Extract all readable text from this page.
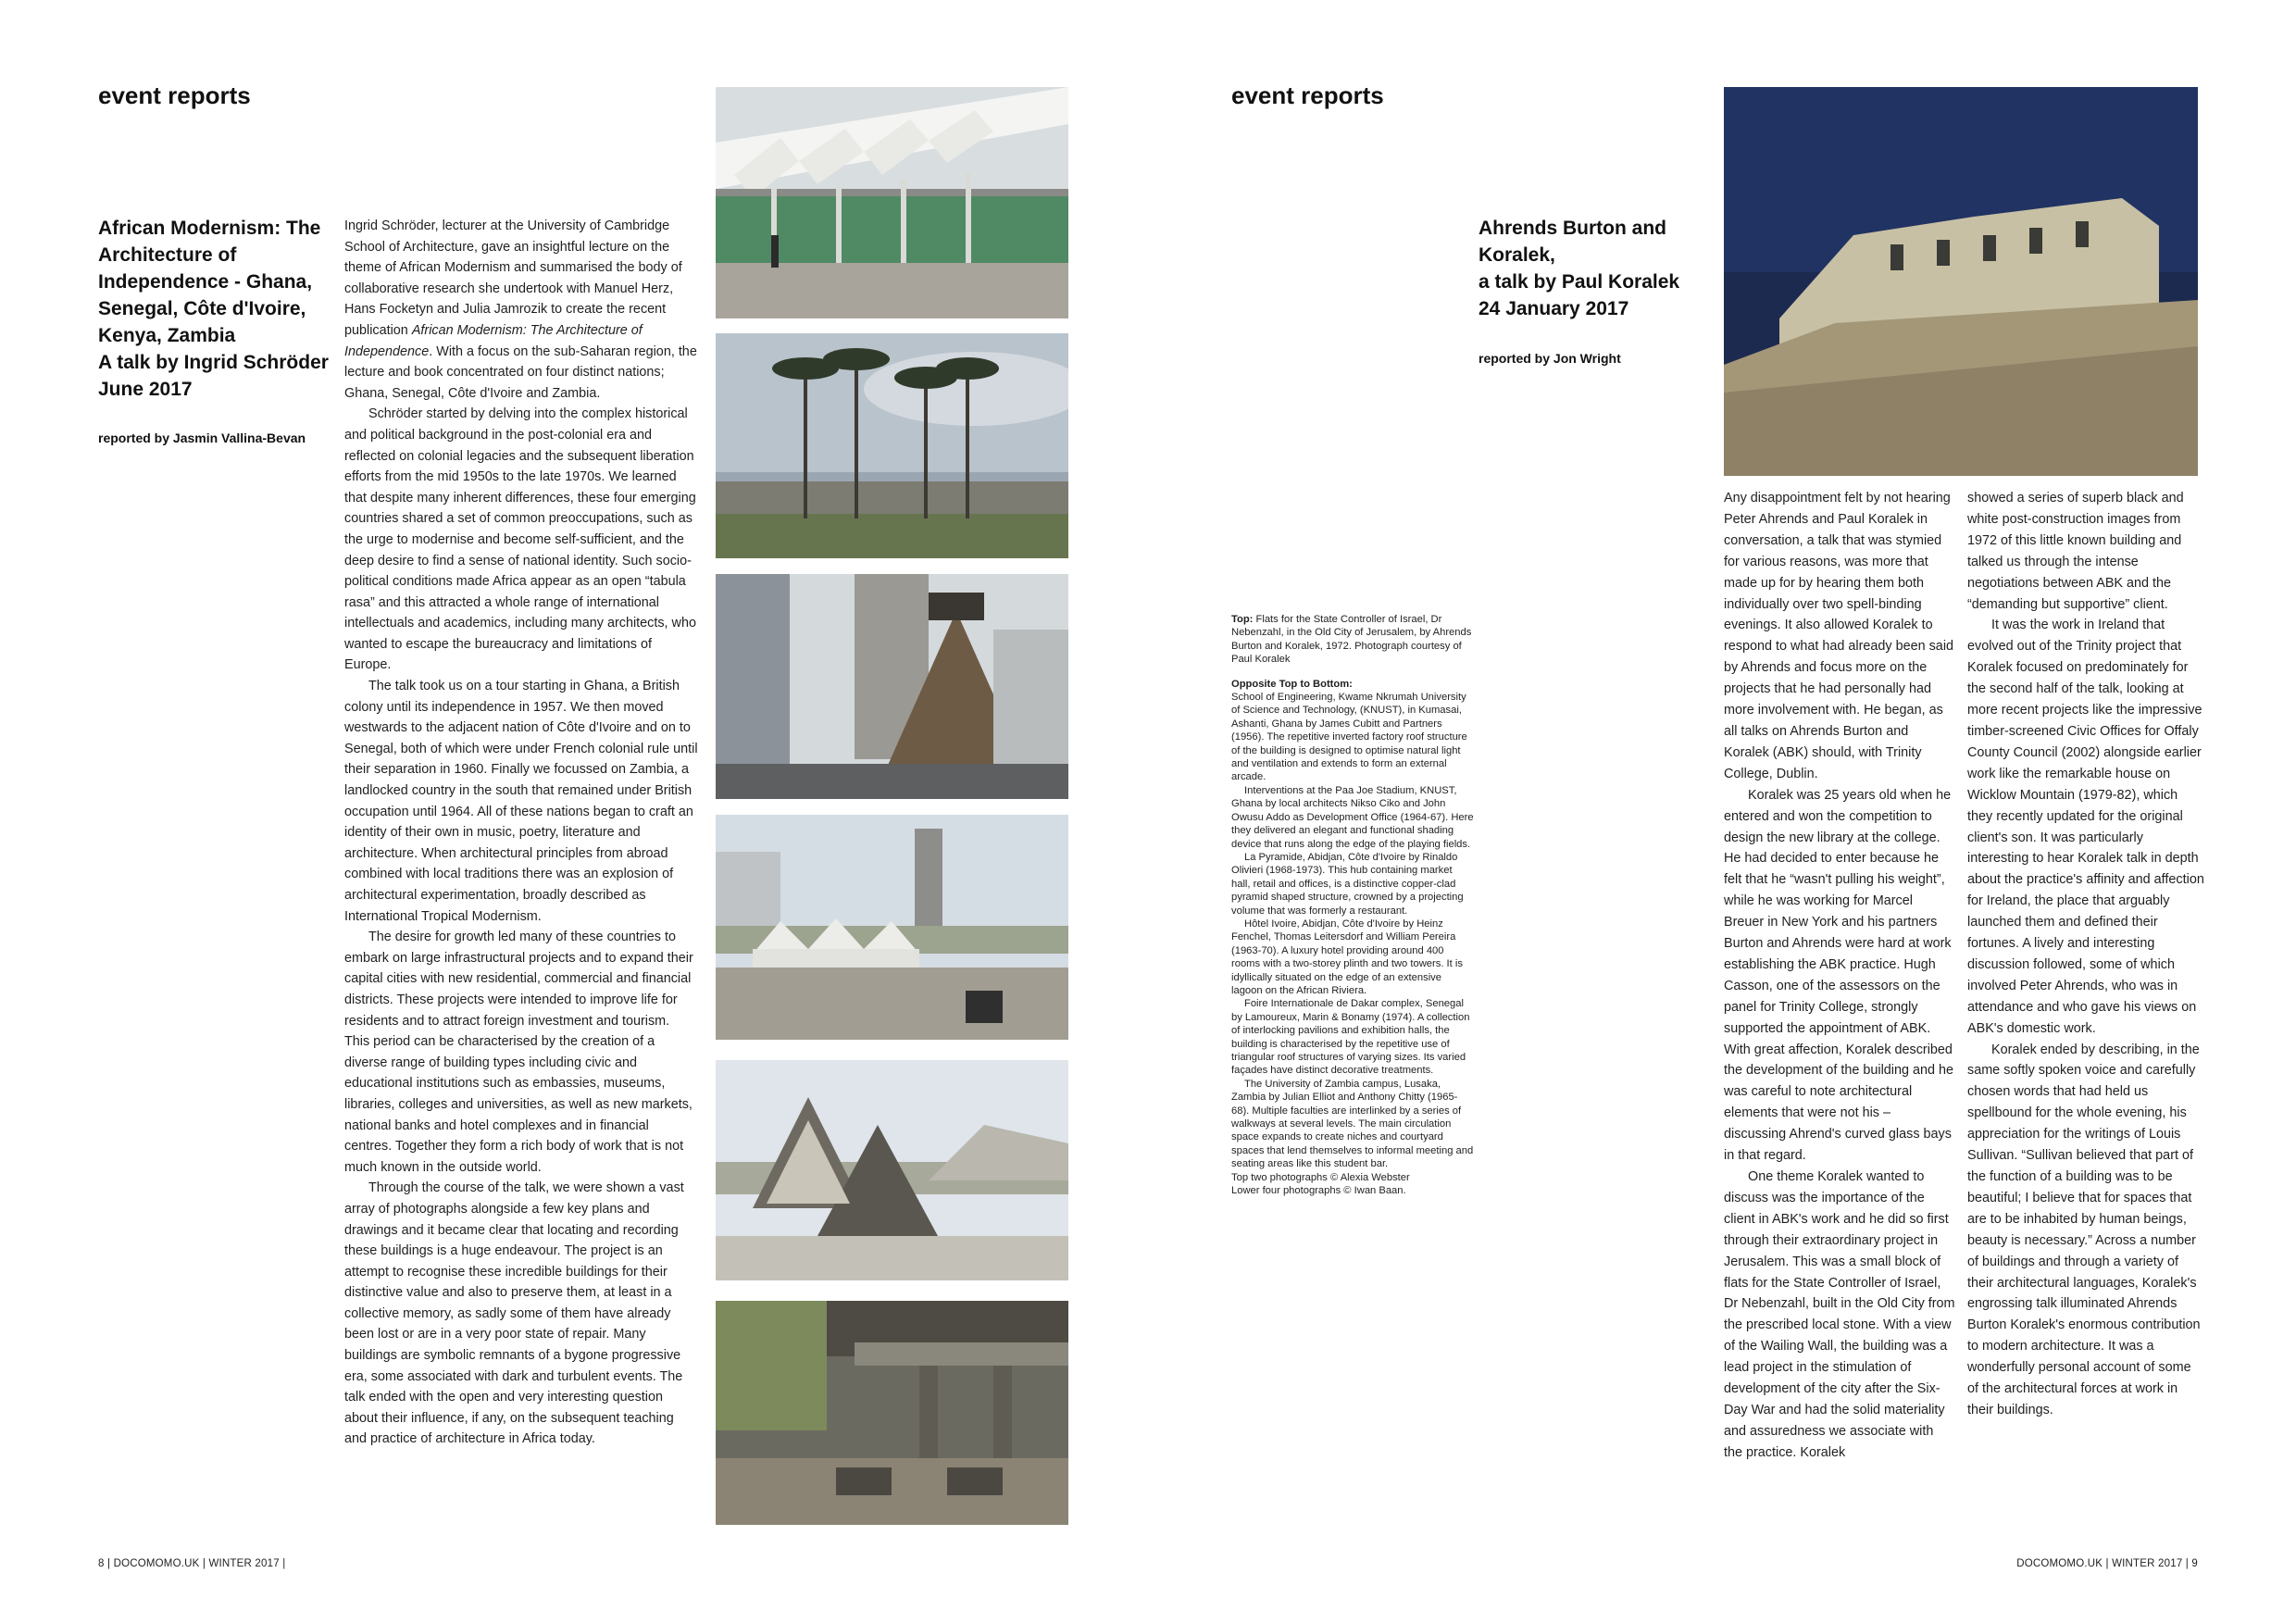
event reports
African Modernism: The
Architecture of
Independence - Ghana,
Senegal, Côte d'Ivoire,
Kenya, Zambia
A talk by Ingrid Schröder
June 2017
reported by Jasmin Vallina-Bevan

Ingrid Schröder, lecturer at the University of Cambridge School of Architecture, gave an insightful lecture on the theme of African Modernism and summarised the body of collaborative research she undertook with Manuel Herz, Hans Focketyn and Julia Jamrozik to create the recent publication African Modernism: The Architecture of Independence. With a focus on the sub-Saharan region, the lecture and book concentrated on four distinct nations; Ghana, Senegal, Côte d'Ivoire and Zambia.

Schröder started by delving into the complex historical and political background in the post-colonial era and reflected on colonial legacies and the subsequent liberation efforts from the mid 1950s to the late 1970s. We learned that despite many inherent differences, these four emerging countries shared a set of common preoccupations, such as the urge to modernise and become self-sufficient, and the deep desire to find a sense of national identity. Such socio-political conditions made Africa appear as an open “tabula rasa” and this attracted a whole range of international intellectuals and academics, including many architects, who wanted to escape the bureaucracy and limitations of Europe.

The talk took us on a tour starting in Ghana, a British colony until its independence in 1957. We then moved westwards to the adjacent nation of Côte d'Ivoire and on to Senegal, both of which were under French colonial rule until their separation in 1960. Finally we focussed on Zambia, a landlocked country in the south that remained under British occupation until 1964. All of these nations began to craft an identity of their own in music, poetry, literature and architecture. When architectural principles from abroad combined with local traditions there was an explosion of architectural experimentation, broadly described as International Tropical Modernism.

The desire for growth led many of these countries to embark on large infrastructural projects and to expand their capital cities with new residential, commercial and financial districts. These projects were intended to improve life for residents and to attract foreign investment and tourism. This period can be characterised by the creation of a diverse range of building types including civic and educational institutions such as embassies, museums, libraries, colleges and universities, as well as new markets, national banks and hotel complexes and in financial centres. Together they form a rich body of work that is not much known in the outside world.

Through the course of the talk, we were shown a vast array of photographs alongside a few key plans and drawings and it became clear that locating and recording these buildings is a huge endeavour. The project is an attempt to recognise these incredible buildings for their distinctive value and also to preserve them, at least in a collective memory, as sadly some of them have already been lost or are in a very poor state of repair. Many buildings are symbolic remnants of a bygone progressive era, some associated with dark and turbulent events. The talk ended with the open and very interesting question about their influence, if any, on the subsequent teaching and practice of architecture in Africa today.

8 | DOCOMOMO.UK | WINTER 2017 |
event reports
Ahrends Burton and
Koralek,
a talk by Paul Koralek
24 January 2017
reported by Jon Wright

Any disappointment felt by not hearing Peter Ahrends and Paul Koralek in conversation, a talk that was stymied for various reasons, was more that made up for by hearing them both individually over two spell-binding evenings. It also allowed Koralek to respond to what had already been said by Ahrends and focus more on the projects that he had personally had more involvement with. He began, as all talks on Ahrends Burton and Koralek (ABK) should, with Trinity College, Dublin.

Koralek was 25 years old when he entered and won the competition to design the new library at the college. He had decided to enter because he felt that he “wasn't pulling his weight”, while he was working for Marcel Breuer in New York and his partners Burton and Ahrends were hard at work establishing the ABK practice. Hugh Casson, one of the assessors on the panel for Trinity College, strongly supported the appointment of ABK. With great affection, Koralek described the development of the building and he was careful to note architectural elements that were not his – discussing Ahrend's curved glass bays in that regard.

One theme Koralek wanted to discuss was the importance of the client in ABK's work and he did so first through their extraordinary project in Jerusalem. This was a small block of flats for the State Controller of Israel, Dr Nebenzahl, built in the Old City from the prescribed local stone. With a view of the Wailing Wall, the building was a lead project in the stimulation of development of the city after the Six-Day War and had the solid materiality and assuredness we associate with the practice. Koralek

showed a series of superb black and white post-construction images from 1972 of this little known building and talked us through the intense negotiations between ABK and the “demanding but supportive” client.

It was the work in Ireland that evolved out of the Trinity project that Koralek focused on predominately for the second half of the talk, looking at more recent projects like the impressive timber-screened Civic Offices for Offaly County Council (2002) alongside earlier work like the remarkable house on Wicklow Mountain (1979-82), which they recently updated for the original client's son. It was particularly interesting to hear Koralek talk in depth about the practice's affinity and affection for Ireland, the place that arguably launched them and defined their fortunes. A lively and interesting discussion followed, some of which involved Peter Ahrends, who was in attendance and who gave his views on ABK's domestic work.

Koralek ended by describing, in the same softly spoken voice and carefully chosen words that had held us spellbound for the whole evening, his appreciation for the writings of Louis Sullivan. “Sullivan believed that part of the function of a building was to be beautiful; I believe that for spaces that are to be inhabited by human beings, beauty is necessary.” Across a number of buildings and through a variety of their architectural languages, Koralek's engrossing talk illuminated Ahrends Burton Koralek's enormous contribution to modern architecture. It was a wonderfully personal account of some of the architectural forces at work in their buildings.

Top: Flats for the State Controller of Israel, Dr Nebenzahl, in the Old City of Jerusalem, by Ahrends Burton and Koralek, 1972. Photograph courtesy of Paul Koralek

Opposite Top to Bottom:

School of Engineering, Kwame Nkrumah University of Science and Technology, (KNUST), in Kumasai, Ashanti, Ghana by James Cubitt and Partners (1956). The repetitive inverted factory roof structure of the building is designed to optimise natural light and ventilation and extends to form an external arcade.

Interventions at the Paa Joe Stadium, KNUST, Ghana by local architects Nikso Ciko and John Owusu Addo as Development Office (1964-67). Here they delivered an elegant and functional shading device that runs along the edge of the playing fields.

La Pyramide, Abidjan, Côte d'Ivoire by Rinaldo Olivieri (1968-1973). This hub containing market hall, retail and offices, is a distinctive copper-clad pyramid shaped structure, crowned by a projecting volume that was formerly a restaurant.

Hôtel Ivoire, Abidjan, Côte d'Ivoire by Heinz Fenchel, Thomas Leitersdorf and William Pereira (1963-70). A luxury hotel providing around 400 rooms with a two-storey plinth and two towers. It is idyllically situated on the edge of an extensive lagoon on the African Riviera.

Foire Internationale de Dakar complex, Senegal by Lamoureux, Marin & Bonamy (1974). A collection of interlocking pavilions and exhibition halls, the building is characterised by the repetitive use of triangular roof structures of varying sizes. Its varied façades have distinct decorative treatments.

The University of Zambia campus, Lusaka, Zambia by Julian Elliot and Anthony Chitty (1965-68). Multiple faculties are interlinked by a series of walkways at several levels. The main circulation space expands to create niches and courtyard spaces that lend themselves to informal meeting and seating areas like this student bar.

Top two photographs © Alexia Webster

Lower four photographs © Iwan Baan.

DOCOMOMO.UK | WINTER 2017 | 9
